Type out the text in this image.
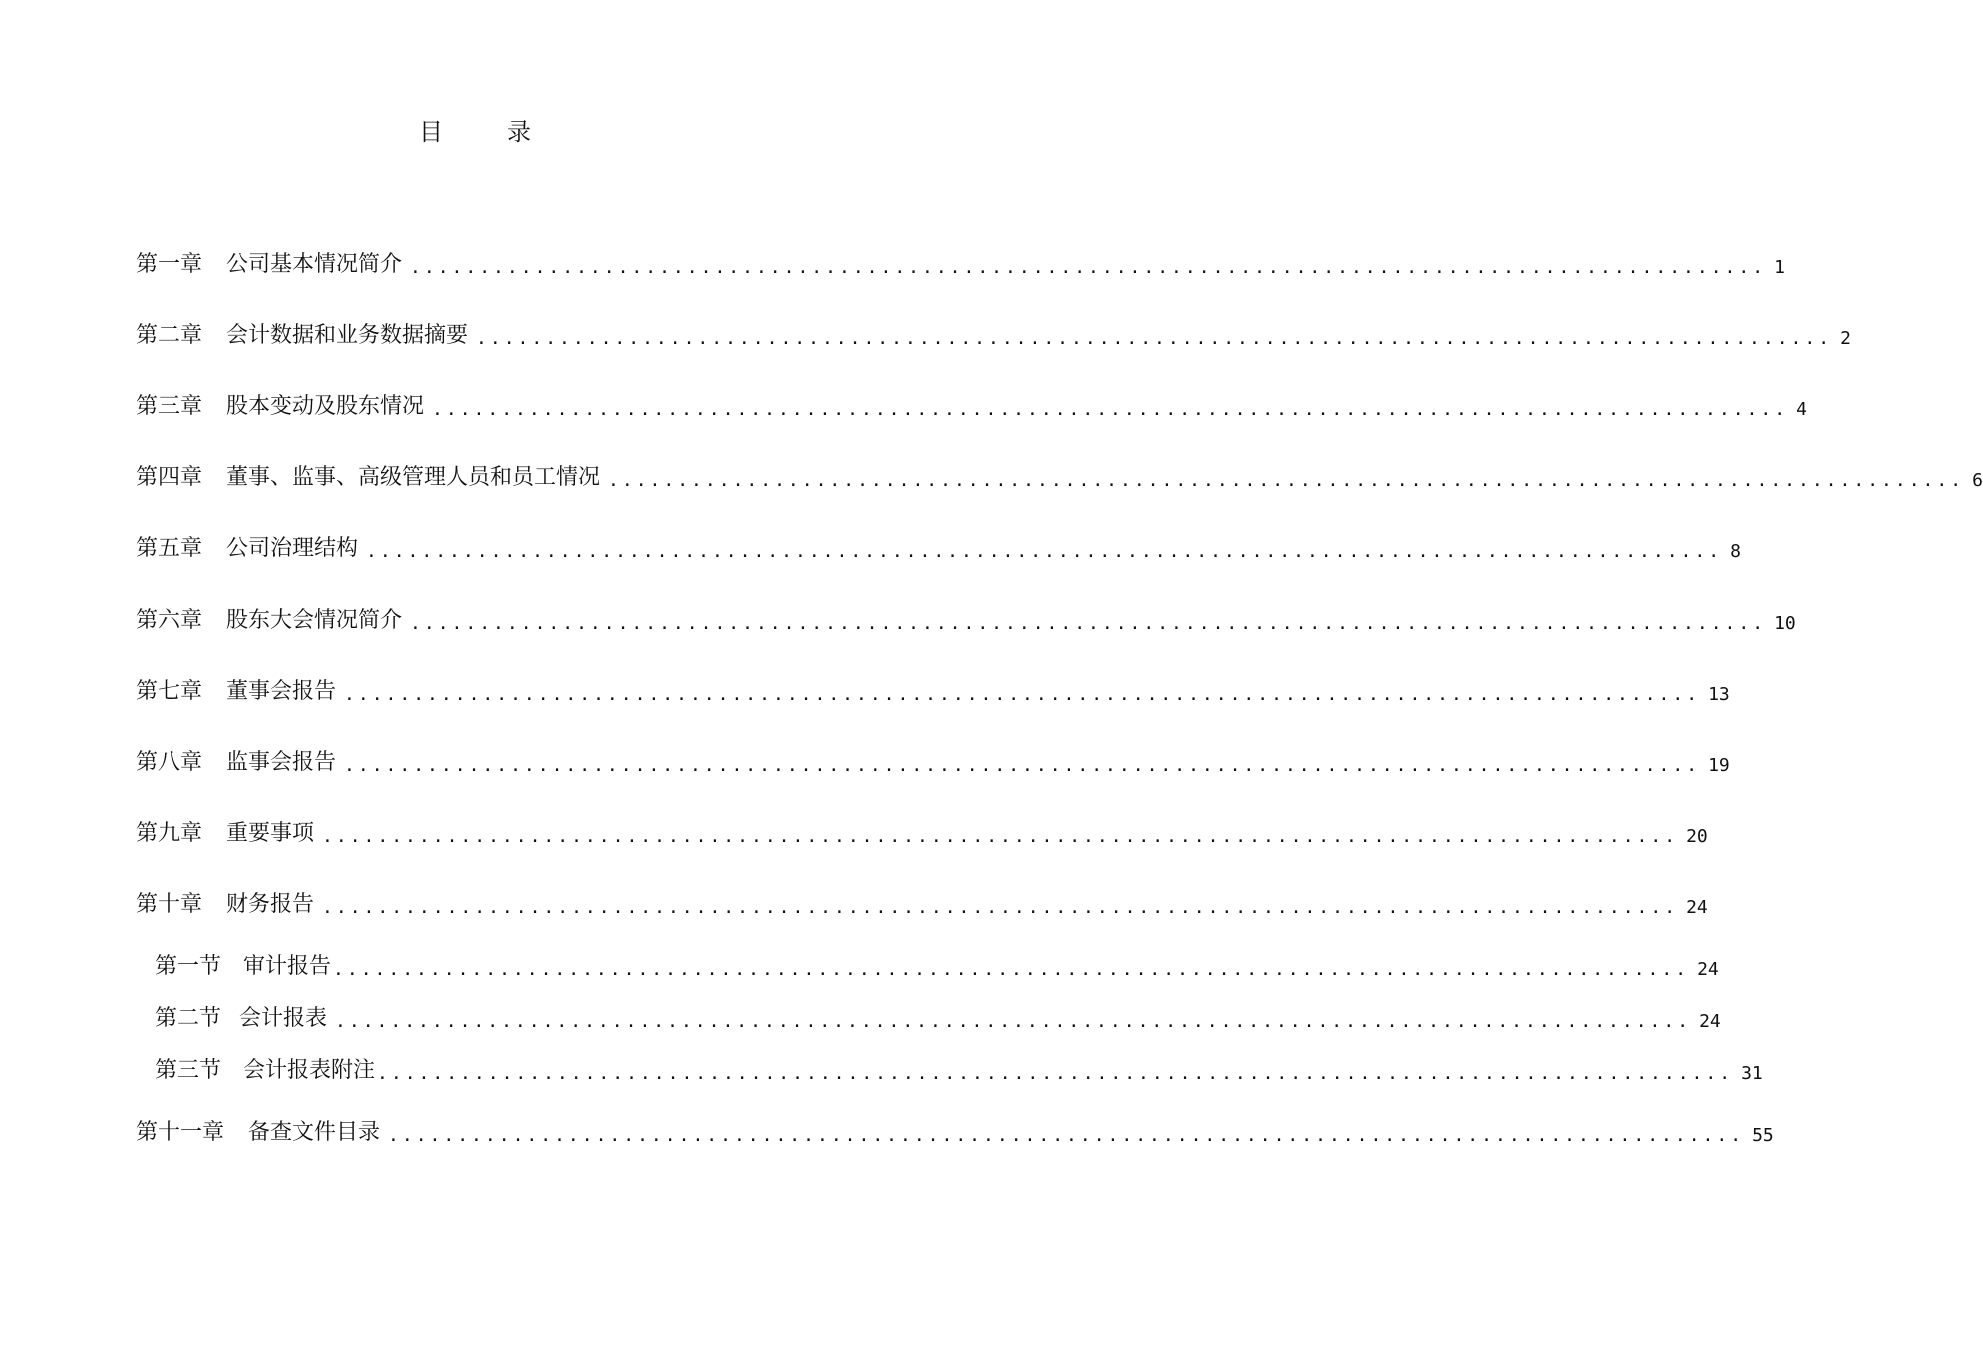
目	录
第一章 公司基本情况简介 .................................................................................................. 1
第二章 会计数据和业务数据摘要 .................................................................................................. 2
第三章 股本变动及股东情况 .................................................................................................. 4
第四章 董事、监事、高级管理人员和员工情况 .................................................................................................. 6
第五章 公司治理结构 .................................................................................................. 8
第六章 股东大会情况简介 .................................................................................................. 10
第七章 董事会报告 .................................................................................................. 13
第八章 监事会报告 .................................................................................................. 19
第九章 重要事项 .................................................................................................. 20
第十章 财务报告 .................................................................................................. 24
第一节 审计报告 .................................................................................................. 24
第二节 会计报表 .................................................................................................. 24
第三节 会计报表附注 .................................................................................................. 31
第十一章 备查文件目录 .................................................................................................. 55
